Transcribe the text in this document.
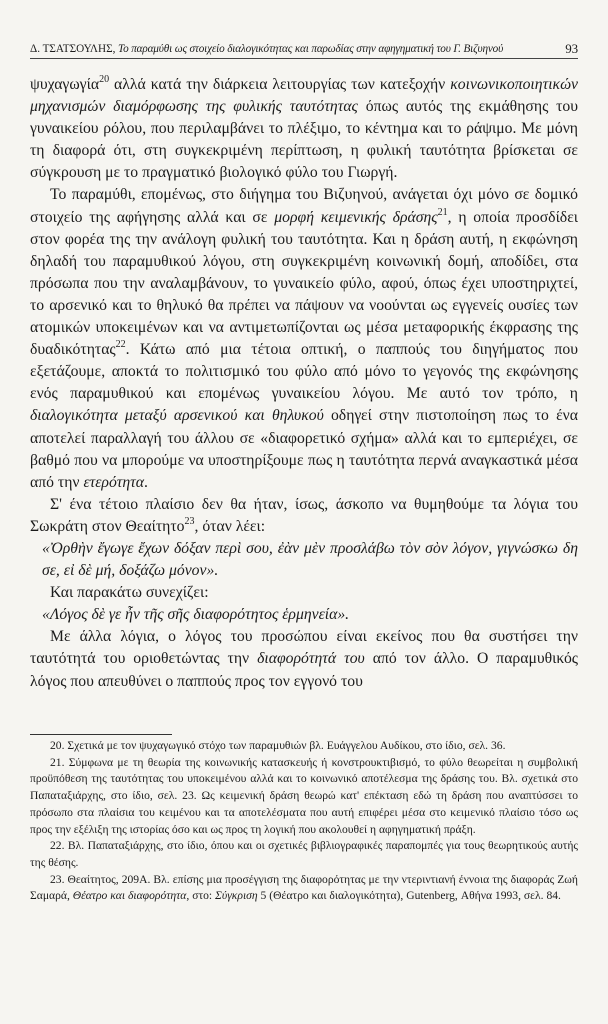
Δ. ΤΣΑΤΣΟΥΛΗΣ, Το παραμύθι ως στοιχείο διαλογικότητας και παρωδίας στην αφηγηματική του Γ. Βιζυηνού	93

ψυχαγωγία$^{20}$ αλλά κατά την διάρκεια λειτουργίας των κατεξοχήν κοινωνικοποιητικών μηχανισμών διαμόρφωσης της φυλικής ταυτότητας όπως αυτός της εκμάθησης του γυναικείου ρόλου, που περιλαμβάνει το πλέξιμο, το κέντημα και το ράψιμο. Με μόνη τη διαφορά ότι, στη συγκεκριμένη περίπτωση, η φυλική ταυτότητα βρίσκεται σε σύγκρουση με το πραγματικό βιολογικό φύλο του Γιωργή.

Το παραμύθι, επομένως, στο διήγημα του Βιζυηνού, ανάγεται όχι μόνο σε δομικό στοιχείο της αφήγησης αλλά και σε μορφή κειμενικής δράσης$^{21}$, η οποία προσδίδει στον φορέα της την ανάλογη φυλική του ταυτότητα. Και η δράση αυτή, η εκφώνηση δηλαδή του παραμυθικού λόγου, στη συγκεκριμένη κοινωνική δομή, αποδίδει, στα πρόσωπα που την αναλαμβάνουν, το γυναικείο φύλο, αφού, όπως έχει υποστηριχτεί, το αρσενικό και το θηλυκό θα πρέπει να πάψουν να νοούνται ως εγγενείς ουσίες των ατομικών υποκειμένων και να αντιμετωπίζονται ως μέσα μεταφορικής έκφρασης της δυαδικότητας$^{22}$. Κάτω από μια τέτοια οπτική, ο παππούς του διηγήματος που εξετάζουμε, αποκτά το πολιτισμικό του φύλο από μόνο το γεγονός της εκφώνησης ενός παραμυθικού και επομένως γυναικείου λόγου. Με αυτό τον τρόπο, η διαλογικότητα μεταξύ αρσενικού και θηλυκού οδηγεί στην πιστοποίηση πως το ένα αποτελεί παραλλαγή του άλλου σε «διαφορετικό σχήμα» αλλά και το εμπεριέχει, σε βαθμό που να μπορούμε να υποστηρίξουμε πως η ταυτότητα περνά αναγκαστικά μέσα από την ετερότητα.

Σ' ένα τέτοιο πλαίσιο δεν θα ήταν, ίσως, άσκοπο να θυμηθούμε τα λόγια του Σωκράτη στον Θεαίτητο$^{23}$, όταν λέει:

«Ὀρθὴν ἔγωγε ἔχων δόξαν περὶ σου, ἐὰν μὲν προσλάβω τὸν σὸν λόγον, γιγνώσκω δη σε, εἰ δὲ μή, δοξάζω μόνον».

Και παρακάτω συνεχίζει:

«Λόγος δὲ γε ἦν τῆς σῆς διαφορότητος ἑρμηνεία».

Με άλλα λόγια, ο λόγος του προσώπου είναι εκείνος που θα συστήσει την ταυτότητά του οριοθετώντας την διαφορότητά του από τον άλλο. Ο παραμυθικός λόγος που απευθύνει ο παππούς προς τον εγγονό του

20. Σχετικά με τον ψυχαγωγικό στόχο των παραμυθιών βλ. Ευάγγελου Αυδίκου, στο ίδιο, σελ. 36.

21. Σύμφωνα με τη θεωρία της κοινωνικής κατασκευής ή κονστρουκτιβισμό, το φύλο θεωρείται η συμβολική προϋπόθεση της ταυτότητας του υποκειμένου αλλά και το κοινωνικό αποτέλεσμα της δράσης του. Βλ. σχετικά στο Παπαταξιάρχης, στο ίδιο, σελ. 23. Ως κειμενική δράση θεωρώ κατ' επέκταση εδώ τη δράση που αναπτύσσει το πρόσωπο στα πλαίσια του κειμένου και τα αποτελέσματα που αυτή επιφέρει μέσα στο κειμενικό πλαίσιο τόσο ως προς την εξέλιξη της ιστορίας όσο και ως προς τη λογική που ακολουθεί η αφηγηματική πράξη.

22. Βλ. Παπαταξιάρχης, στο ίδιο, όπου και οι σχετικές βιβλιογραφικές παραπομπές για τους θεωρητικούς αυτής της θέσης.

23. Θεαίτητος, 209Α. Βλ. επίσης μια προσέγγιση της διαφορότητας με την ντεριντιανή έννοια της διαφοράς Ζωή Σαμαρά, Θέατρο και διαφορότητα, στο: Σύγκριση 5 (Θέατρο και διαλογικότητα), Gutenberg, Αθήνα 1993, σελ. 84.
